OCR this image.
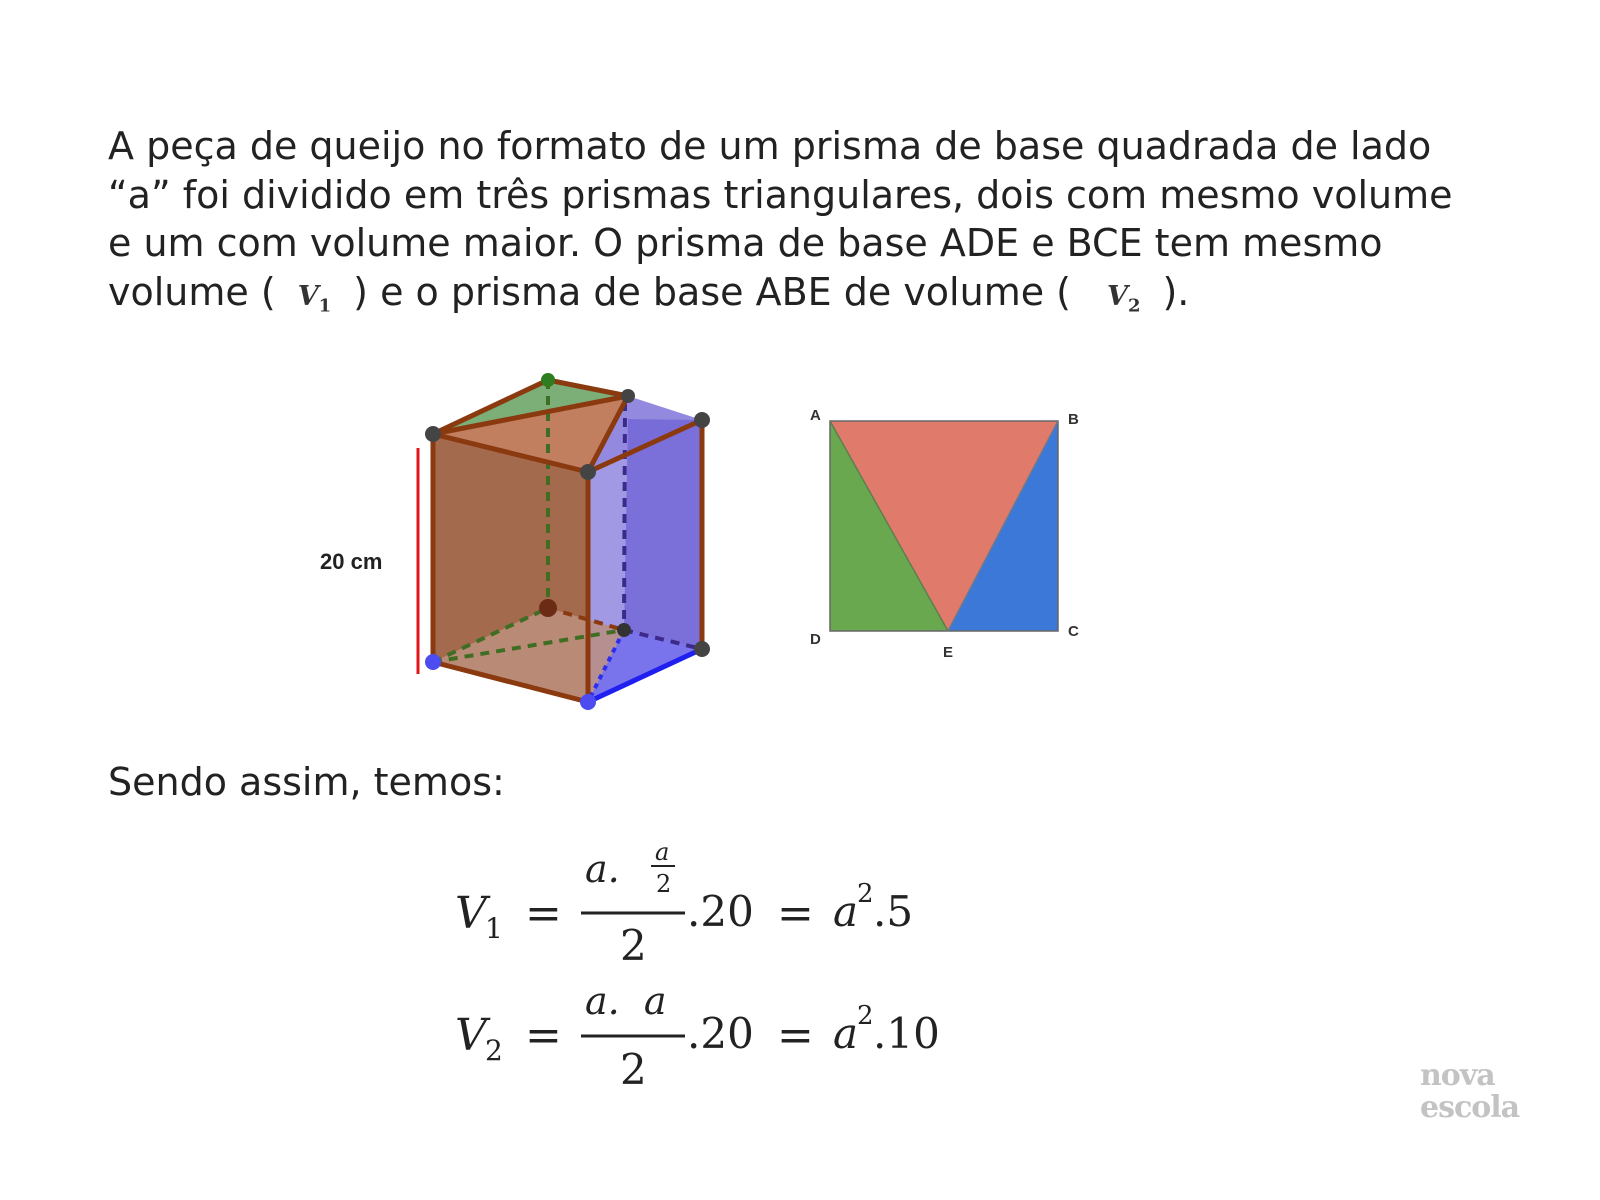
A peça de queijo no formato de um prisma de base quadrada de lado
“a” foi dividido em três prismas triangulares, dois com mesmo volume
e um com volume maior. O prisma de base ADE e BCE tem mesmo
volume ( $V_1$ ) e o prisma de base ABE de volume ( $V_2$ ).
20 cm
A	B
C
D
E

Sendo assim, temos:

V
1 =
a. a
2
2
.20 = a
2 .5
V
2 =
a.  a
2
.20 = a
2 .10
nova
escola
